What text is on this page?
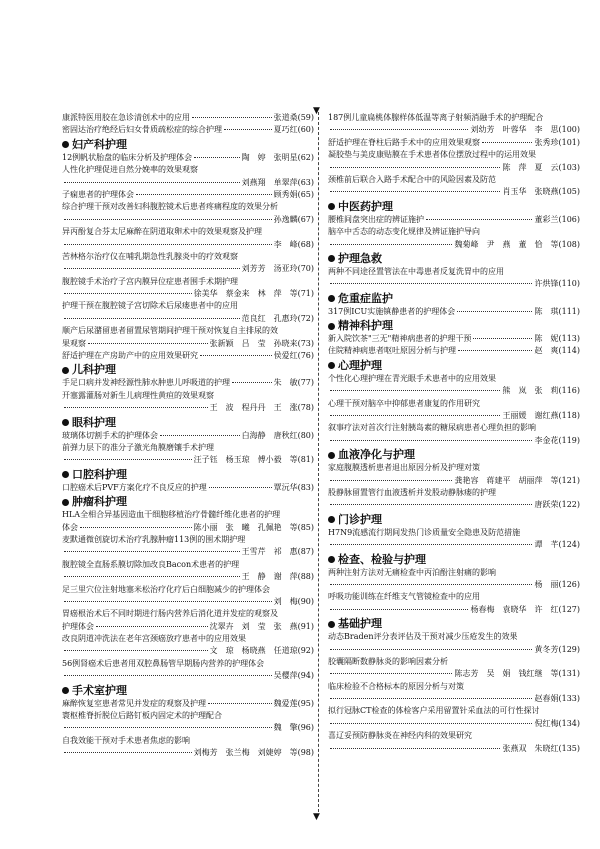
▼
▼
康派特医用胶在急诊清创术中的应用	张道桑(59)
密固达治疗绝经后妇女骨质疏松症的综合护理	夏巧红(60)
妇产科护理
12例帆状胎盘的临床分析及护理体会	陶　婷　张明星(62)
人性化护理促进自然分娩率的效果观察
刘燕翔　单翠萍(63)
子痫患者的护理体会	顾秀娟(65)
综合护理干预对改善妇科腹腔镜术后患者疼痛程度的效果分析
孙逸麟(67)
异丙酚复合芬太尼麻醉在阴道取卵术中的效果观察及护理
李　峰(68)
苦林格尔治疗仪在哺乳期急性乳腺炎中的疗效观察
刘芳芳　汤亚玲(70)
腹腔镜手术治疗子宫内膜异位症患者围手术期护理
徐美华　蔡金来　林　萍　等(71)
护理干预在腹腔镜子宫切除术后尿瘘患者中的应用
范良红　孔惠玲(72)
顺产后尿潴留患者留置尿管期间护理干预对恢复自主排尿的效
果观察	张新颖　吕　莹　孙晓来(73)
舒适护理在产房助产中的应用效果研究	侯爱红(76)
儿科护理
手足口病并发神经源性肺水肿患儿呼吸道的护理	朱　敏(77)
开塞露灌肠对新生儿病理性黄疸的效果观察
王　波　程丹丹　王　涨(78)
眼科护理
玻璃体切割手术的护理体会	白海静　唐秋红(80)
前弹力层下的准分子激光角膜磨镶手术护理
汪子钰　杨玉琼　傅小毅　等(81)
口腔科护理
口腔癌术后PVF方案化疗不良反应的护理	覃沅华(83)
肿瘤科护理
HLA全相合异基因造血干细胞移植治疗骨髓纤维化患者的护理
体会	陈小丽　张　曦　孔佩艳　等(85)
麦默通微创旋切术治疗乳腺肿瘤113例的围术期护理
王雪芹　祁　惠(87)
腹腔镜全直肠系膜切除加改良Bacon术患者的护理
王　静　谢　萍(88)
足三里穴位注射地塞米松治疗化疗后白细胞减少的护理体会
刘　梅(90)
胃癌根治术后不同时期进行肠内营养后消化道并发症的观察及
护理体会	沈翠卉　刘　莹　张　燕(91)
改良阴道冲洗法在老年宫颈癌放疗患者中的应用效果
文　琼　杨晓燕　任道琼(92)
56例肾癌术后患者用双腔鼻肠管早期肠内营养的护理体会
吴樱萍(94)
手术室护理
麻醉恢复室患者常见并发症的观察及护理	魏爱莲(95)
寰枢椎脊折脱位后路钉板内固定术的护理配合
魏　擎(96)
自我效能干预对手术患者焦虑的影响
刘梅芳　张兰梅　刘婕婷　等(98)
187例儿童扁桃体腺样体低温等离子射频消融手术的护理配合
刘幼芳　叶蓉华　李　思(100)
舒适护理在脊柱后路手术中的应用效果观察	张秀珍(101)
凝胶垫与美皮康贴膜在手术患者体位摆放过程中的运用效果
陈　萍　夏　云(103)
颈椎前后联合入路手术配合中的风险因素及防范
肖玉华　张晓燕(105)
中医药护理
腰椎间盘突出症的辨证施护	董彩兰(106)
脑卒中舌态的动态变化规律及辨证施护导向
魏菊峰　尹　燕　董　恰　等(108)
护理急救
两种不同途径置管法在中毒患者反复洗胃中的应用
许烘锋(110)
危重症监护
317例ICU实施镇静患者的护理体会	陈　琪(111)
精神科护理
新入院饮茶"三无"精神病患者的护理干预	陈　妮(113)
住院精神病患者呕吐原因分析与护理	赵　爽(114)
心理护理
个性化心理护理在青光眼手术患者中的应用效果
熊　岚　张　莉(116)
心理干预对脑卒中抑郁患者康复的作用研究
王丽媛　谢红燕(118)
叙事疗法对首次行注射胰岛素的糖尿病患者心理负担的影响
李金花(119)
血液净化与护理
家庭腹膜透析患者退出原因分析及护理对策
龚艳容　蒋建平　胡丽萍　等(121)
股静脉留置管行血液透析并发股动静脉瘘的护理
唐跃荣(122)
门诊护理
H7N9流感流行期间发热门诊质量安全隐患及防范措施
谭　芊(124)
检查、检验与护理
两种注射方法对无痛检查中丙泊酚注射痛的影响
杨　丽(126)
呼吸功能训练在纤维支气管镜检查中的应用
杨春梅　袁晓华　许　红(127)
基础护理
动态Braden评分表评估及干预对减少压疮发生的效果
黄冬芳(129)
胶囊隔断数静脉炎的影响因素分析
陈志芳　吴　娟　钱红继　等(131)
临床检验不合格标本的原因分析与对策
赵春娟(133)
拟行冠脉CT检查的体检客户采用留置针采血法的可行性探讨
倪红梅(134)
喜辽妥预防静脉炎在神经内科的效果研究
张燕双　朱晓红(135)
